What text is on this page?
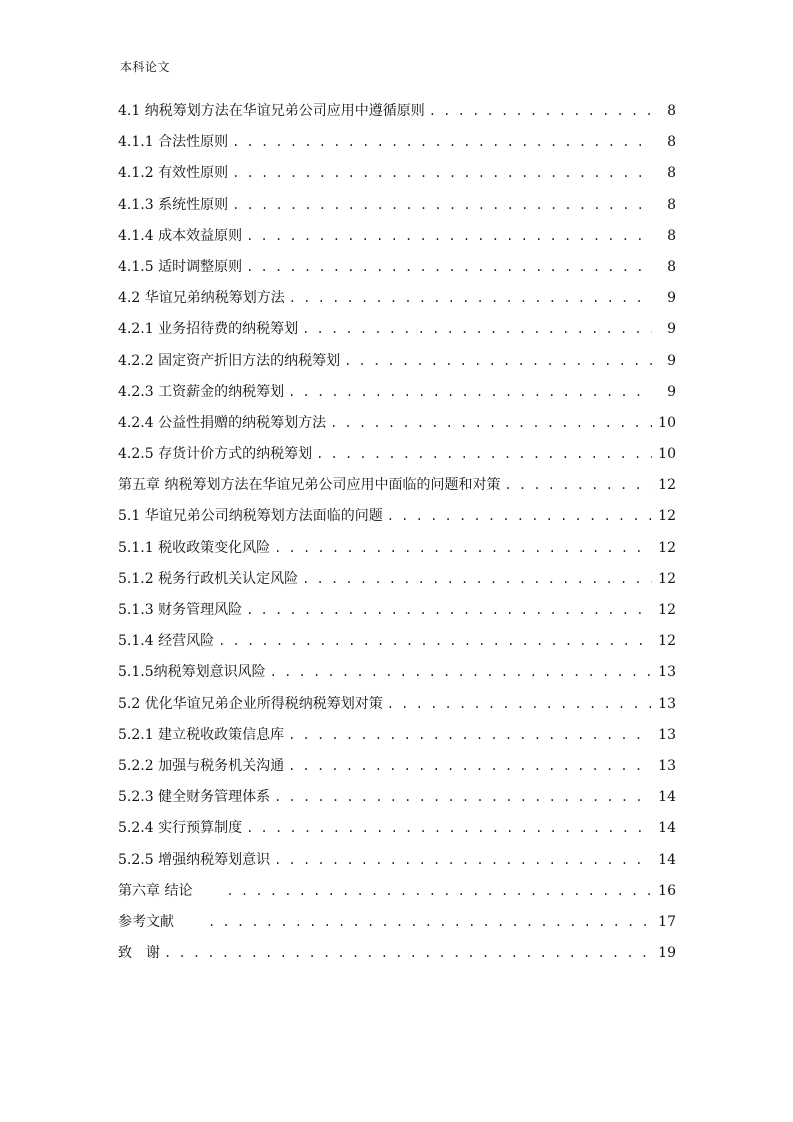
本科论文
4.1 纳税筹划方法在华谊兄弟公司应用中遵循原则 . . .	8
4.1.1 合法性原则 . . .	8
4.1.2 有效性原则 . . .	8
4.1.3 系统性原则 . . .	8
4.1.4 成本效益原则 . . .	8
4.1.5 适时调整原则 . . .	8
4.2 华谊兄弟纳税筹划方法 . . .	9
4.2.1 业务招待费的纳税筹划 . . .	9
4.2.2 固定资产折旧方法的纳税筹划 . . .	9
4.2.3 工资薪金的纳税筹划 . . .	9
4.2.4 公益性捐赠的纳税筹划方法 . . .	10
4.2.5 存货计价方式的纳税筹划 . . .	10
第五章 纳税筹划方法在华谊兄弟公司应用中面临的问题和对策 . . .	12
5.1 华谊兄弟公司纳税筹划方法面临的问题 . . .	12
5.1.1 税收政策变化风险 . . .	12
5.1.2 税务行政机关认定风险 . . .	12
5.1.3 财务管理风险 . . .	12
5.1.4 经营风险 . . .	12
5.1.5纳税筹划意识风险 . . .	13
5.2 优化华谊兄弟企业所得税纳税筹划对策 . . .	13
5.2.1 建立税收政策信息库 . . .	13
5.2.2 加强与税务机关沟通 . . .	13
5.2.3 健全财务管理体系 . . .	14
5.2.4 实行预算制度 . . .	14
5.2.5 增强纳税筹划意识 . . .	14
第六章 结论 . . .	16
参考文献 . . .	17
致　谢 . . .	19
